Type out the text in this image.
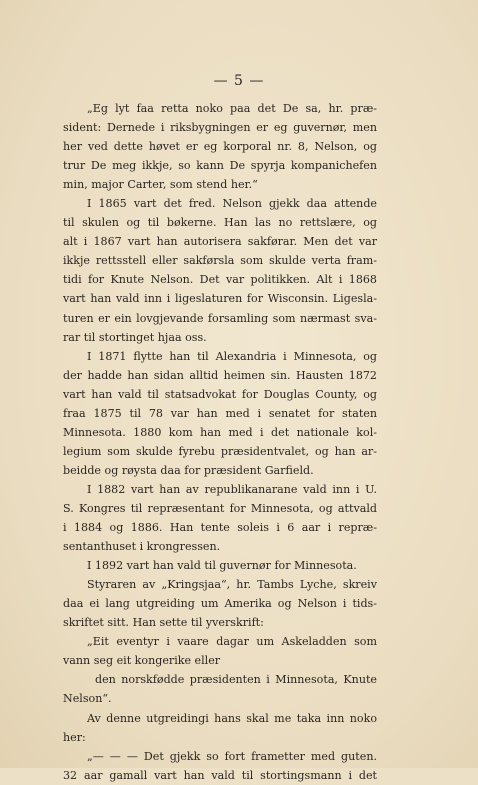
— 5 —
„Eg lyt faa retta noko paa det De sa, hr. præ-
sident: Dernede i riksbygningen er eg guvernør, men
her ved dette høvet er eg korporal nr. 8, Nelson, og
trur De meg ikkje, so kann De spyrja kompanichefen
min, major Carter, som stend her.“
I 1865 vart det fred. Nelson gjekk daa attende
til skulen og til bøkerne. Han las no rettslære, og
alt i 1867 vart han autorisera sakførar. Men det var
ikkje rettsstell eller sakførsla som skulde verta fram-
tidi for Knute Nelson. Det var politikken. Alt i 1868
vart han vald inn i ligeslaturen for Wisconsin. Ligesla-
turen er ein lovgjevande forsamling som nærmast sva-
rar til stortinget hjaa oss.
I 1871 flytte han til Alexandria i Minnesota, og
der hadde han sidan alltid heimen sin. Hausten 1872
vart han vald til statsadvokat for Douglas County, og
fraa 1875 til 78 var han med i senatet for staten
Minnesota. 1880 kom han med i det nationale kol-
legium som skulde fyrebu præsidentvalet, og han ar-
beidde og røysta daa for præsident Garfield.
I 1882 vart han av republikanarane vald inn i U.
S. Kongres til repræsentant for Minnesota, og attvald
i 1884 og 1886. Han tente soleis i 6 aar i repræ-
sentanthuset i krongressen.
I 1892 vart han vald til guvernør for Minnesota.
Styraren av „Kringsjaa“, hr. Tambs Lyche, skreiv
daa ei lang utgreiding um Amerika og Nelson i tids-
skriftet sitt. Han sette til yverskrift:
„Eit eventyr i vaare dagar um Askeladden som
vann seg eit kongerike eller
den norskfødde præsidenten i Minnesota, Knute
Nelson“.
Av denne utgreidingi hans skal me taka inn noko
her:
„— — — Det gjekk so fort frametter med guten.
32 aar gamall vart han vald til stortingsmann i det
